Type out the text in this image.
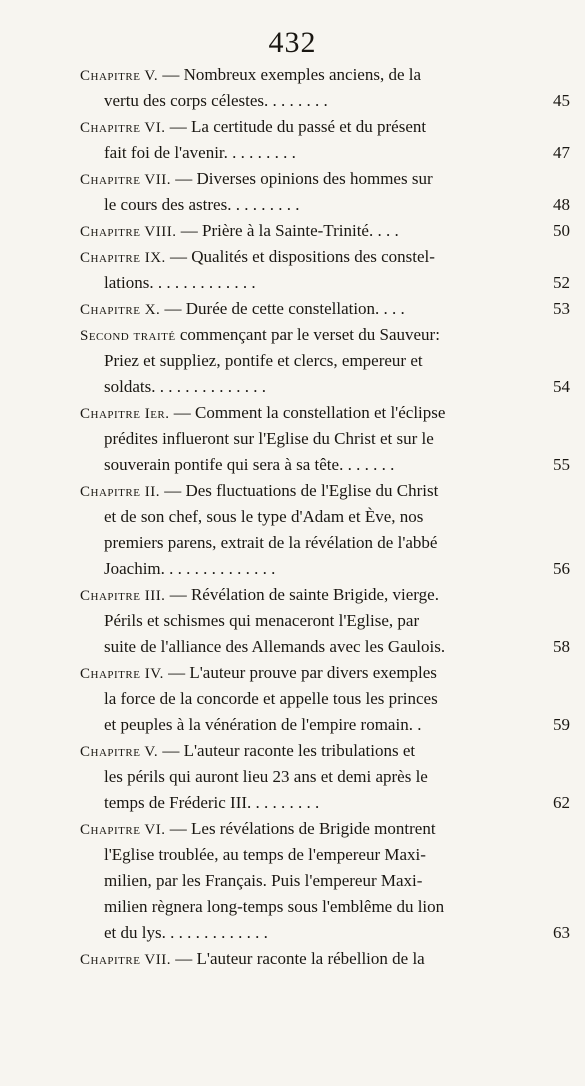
432
Chapitre V. — Nombreux exemples anciens, de la
vertu des corps célestes. . . . . . . .	45
Chapitre VI. — La certitude du passé et du présent
fait foi de l'avenir. . . . . . . . .	47
Chapitre VII. — Diverses opinions des hommes sur
le cours des astres. . . . . . . . .	48
Chapitre VIII. — Prière à la Sainte-Trinité. . . .	50
Chapitre IX. — Qualités et dispositions des constel-
lations. . . . . . . . . . . . .	52
Chapitre X. — Durée de cette constellation. . . .	53
Second traité commençant par le verset du Sauveur:
Priez et suppliez, pontife et clercs, empereur et
soldats. . . . . . . . . . . . . .	54
Chapitre Ier. — Comment la constellation et l'éclipse
prédites influeront sur l'Eglise du Christ et sur le
souverain pontife qui sera à sa tête. . . . . . .	55
Chapitre II. — Des fluctuations de l'Eglise du Christ
et de son chef, sous le type d'Adam et Ève, nos
premiers parens, extrait de la révélation de l'abbé
Joachim. . . . . . . . . . . . . .	56
Chapitre III. — Révélation de sainte Brigide, vierge.
Périls et schismes qui menaceront l'Eglise, par
suite de l'alliance des Allemands avec les Gaulois.	58
Chapitre IV. — L'auteur prouve par divers exemples
la force de la concorde et appelle tous les princes
et peuples à la vénération de l'empire romain. .	59
Chapitre V. — L'auteur raconte les tribulations et
les périls qui auront lieu 23 ans et demi après le
temps de Fréderic III. . . . . . . . .	62
Chapitre VI. — Les révélations de Brigide montrent
l'Eglise troublée, au temps de l'empereur Maxi-
milien, par les Français. Puis l'empereur Maxi-
milien règnera long-temps sous l'emblême du lion
et du lys. . . . . . . . . . . . .	63
Chapitre VII. — L'auteur raconte la rébellion de la
